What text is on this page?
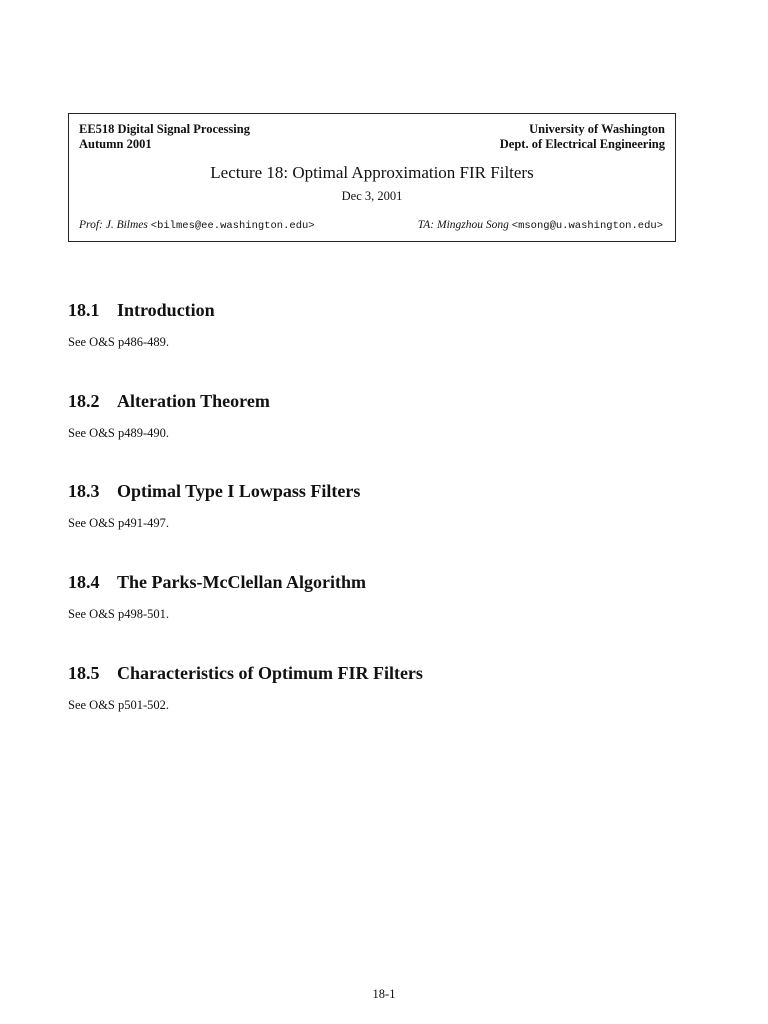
EE518 Digital Signal Processing	University of Washington
Autumn 2001	Dept. of Electrical Engineering
Lecture 18: Optimal Approximation FIR Filters
Dec 3, 2001
Prof: J. Bilmes <bilmes@ee.washington.edu>	TA: Mingzhou Song <msong@u.washington.edu>
18.1 Introduction

See O&S p486-489.

18.2 Alteration Theorem

See O&S p489-490.

18.3 Optimal Type I Lowpass Filters

See O&S p491-497.

18.4 The Parks-McClellan Algorithm

See O&S p498-501.

18.5 Characteristics of Optimum FIR Filters

See O&S p501-502.

18-1
